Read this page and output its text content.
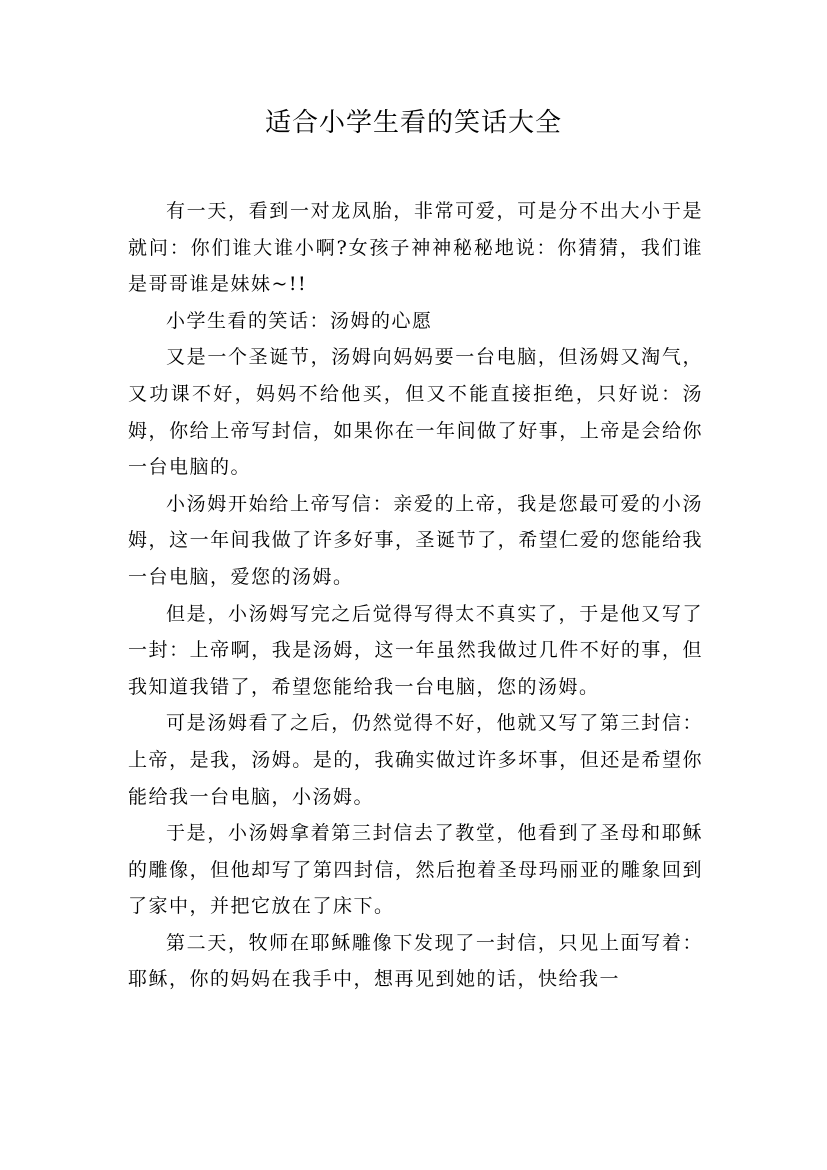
适合小学生看的笑话大全

有一天，看到一对龙凤胎，非常可爱，可是分不出大小于是就问：你们谁大谁小啊?女孩子神神秘秘地说：你猜猜，我们谁是哥哥谁是妹妹~!!

小学生看的笑话：汤姆的心愿

又是一个圣诞节，汤姆向妈妈要一台电脑，但汤姆又淘气，又功课不好，妈妈不给他买，但又不能直接拒绝，只好说：汤姆，你给上帝写封信，如果你在一年间做了好事，上帝是会给你一台电脑的。

小汤姆开始给上帝写信：亲爱的上帝，我是您最可爱的小汤姆，这一年间我做了许多好事，圣诞节了，希望仁爱的您能给我一台电脑，爱您的汤姆。

但是，小汤姆写完之后觉得写得太不真实了，于是他又写了一封：上帝啊，我是汤姆，这一年虽然我做过几件不好的事，但我知道我错了，希望您能给我一台电脑，您的汤姆。

可是汤姆看了之后，仍然觉得不好，他就又写了第三封信：上帝，是我，汤姆。是的，我确实做过许多坏事，但还是希望你能给我一台电脑，小汤姆。

于是，小汤姆拿着第三封信去了教堂，他看到了圣母和耶稣的雕像，但他却写了第四封信，然后抱着圣母玛丽亚的雕象回到了家中，并把它放在了床下。

第二天，牧师在耶稣雕像下发现了一封信，只见上面写着：耶稣，你的妈妈在我手中，想再见到她的话，快给我一
